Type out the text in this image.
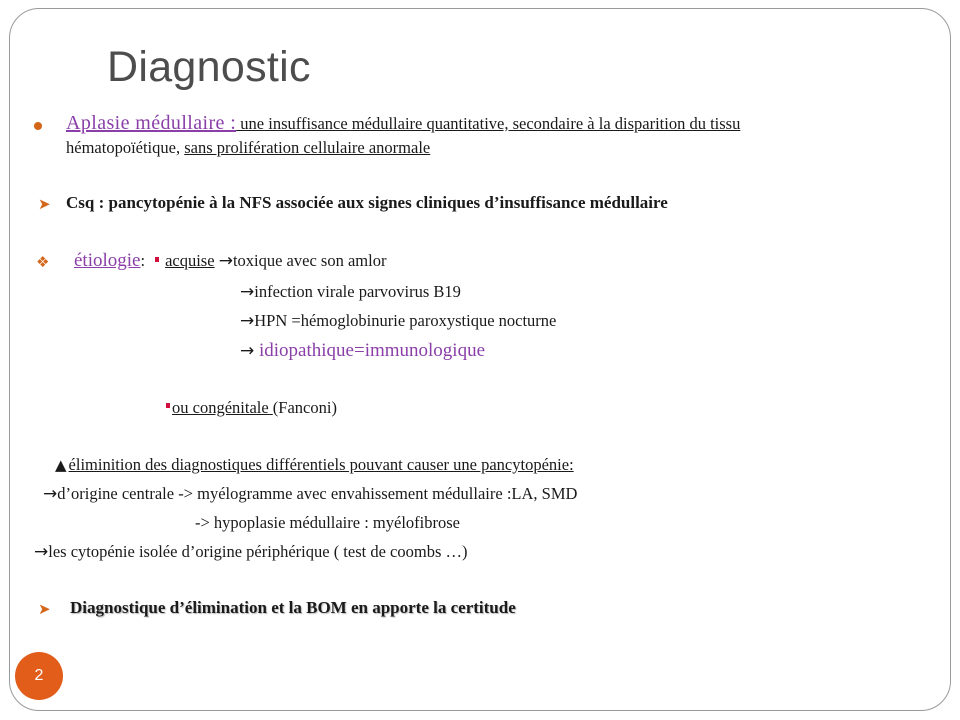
Diagnostic
Aplasie médullaire : une insuffisance médullaire quantitative, secondaire à la disparition du tissu
hématopoïétique, sans prolifération cellulaire anormale
➤ Csq : pancytopénie à la NFS associée aux signes cliniques d’insuffisance médullaire
❖ étiologie: acquise →toxique avec son amlor
→infection virale parvovirus B19
→HPN =hémoglobinurie paroxystique nocturne
→ idiopathique=immunologique
ou congénitale (Fanconi)
▲ éliminition des diagnostiques différentiels pouvant causer une pancytopénie:
→d’origine centrale -> myélogramme avec envahissement médullaire :LA, SMD
-> hypoplasie médullaire : myélofibrose
→les cytopénie isolée d’origine périphérique ( test de coombs …)
➤ Diagnostique d’élimination et la BOM en apporte la certitude
2
